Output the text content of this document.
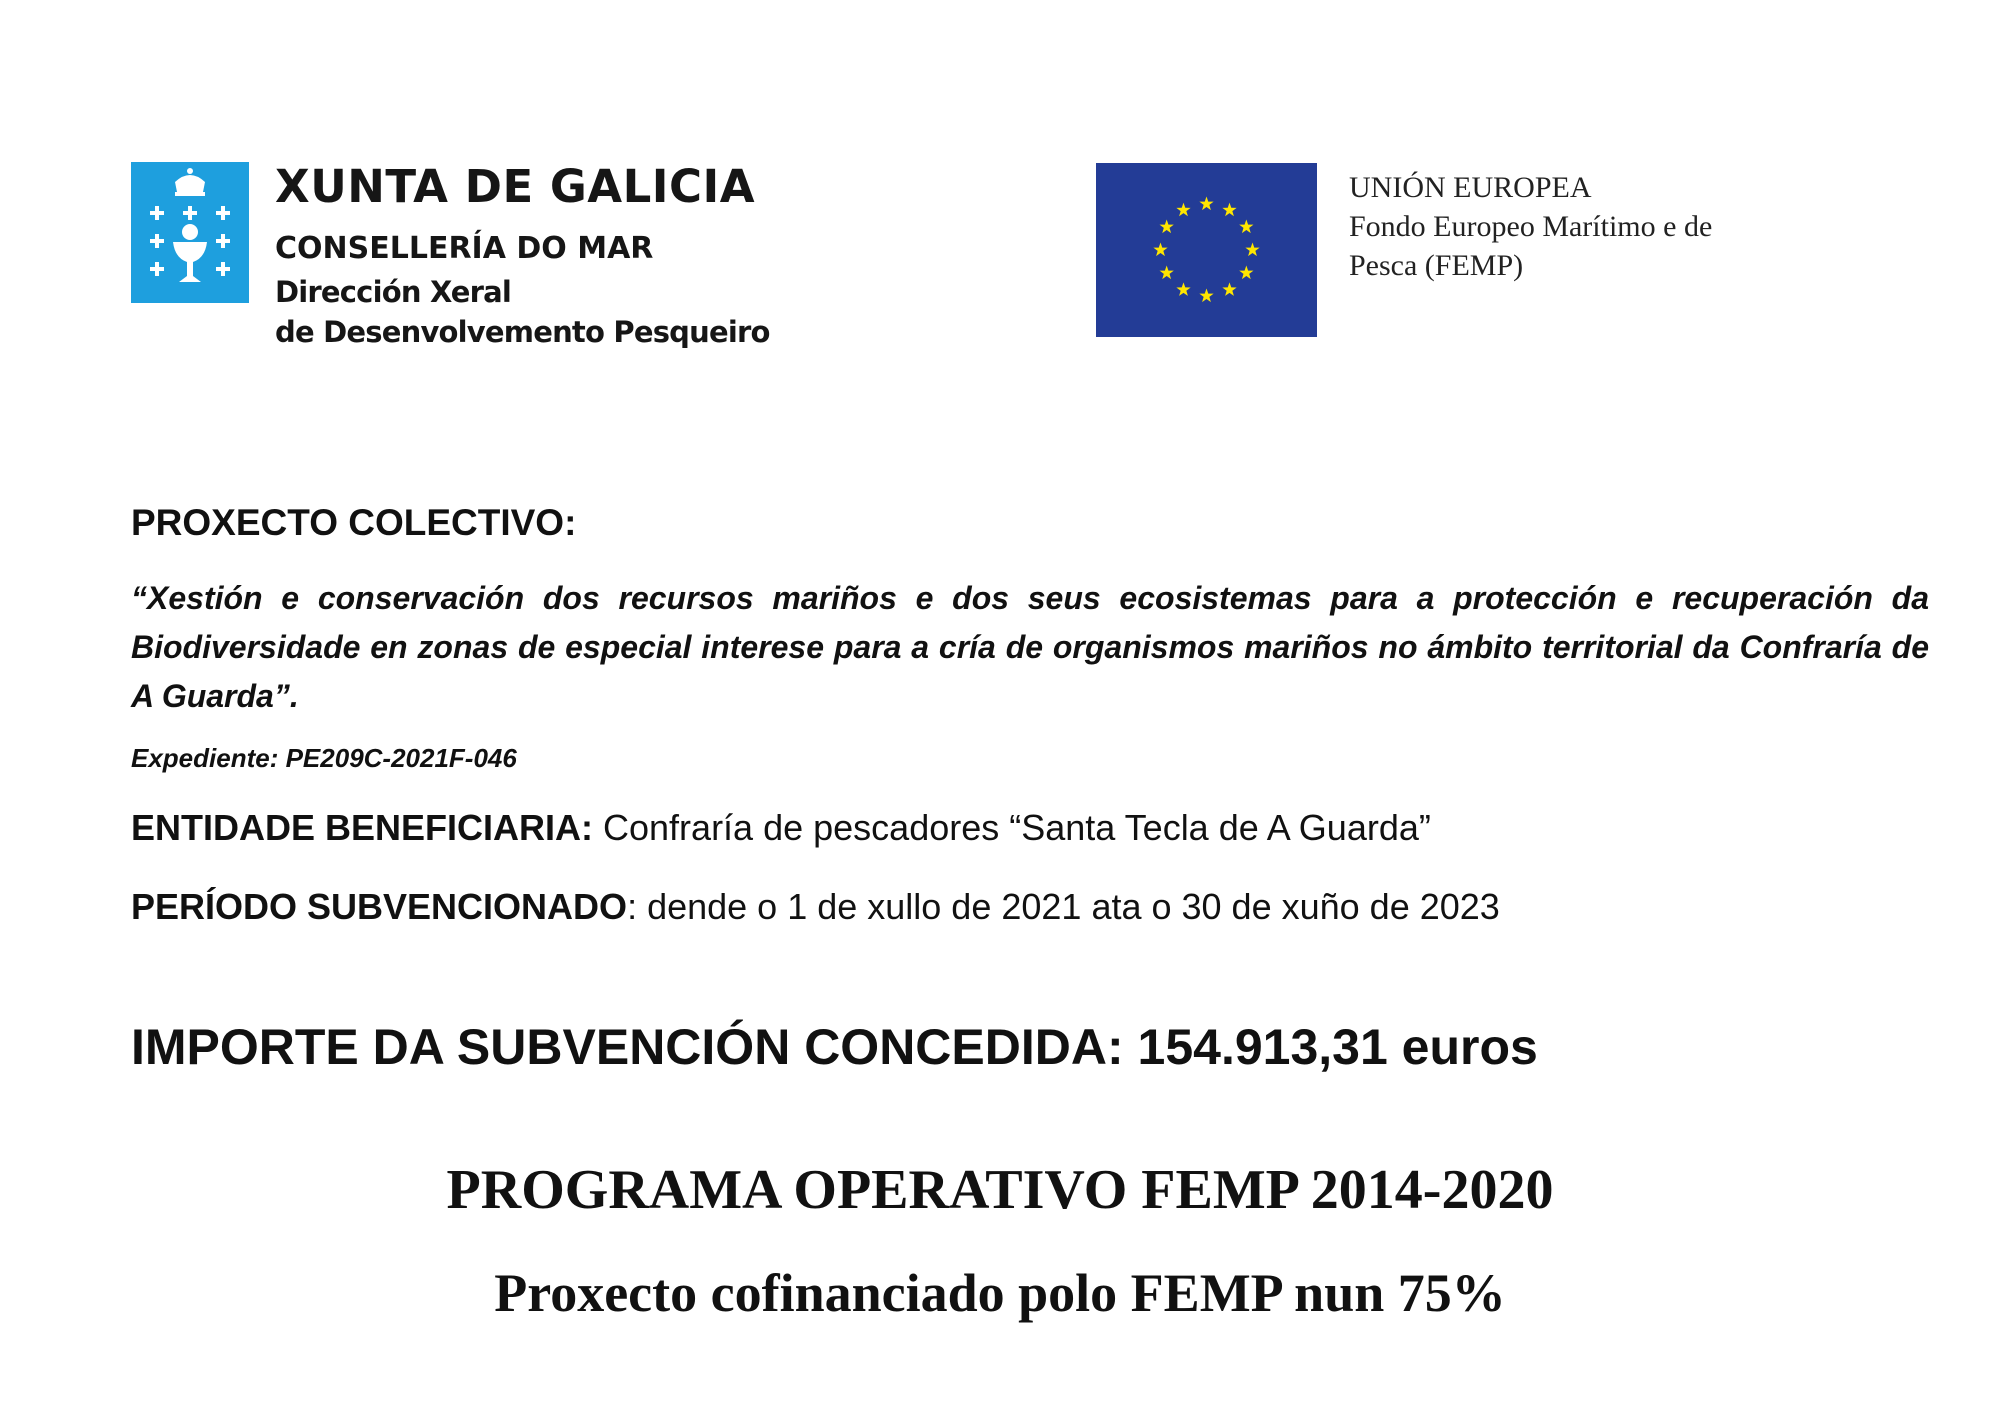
XUNTA DE GALICIA
CONSELLERÍA DO MAR
Dirección Xeral
de Desenvolvemento Pesqueiro
UNIÓN EUROPEA
Fondo Europeo Marítimo e de
Pesca (FEMP)
PROXECTO COLECTIVO:

“Xestión e conservación dos recursos mariños e dos seus ecosistemas para a protección e recuperación da Biodiversidade en zonas de especial interese para a cría de organismos mariños no ámbito territorial da Confraría de A Guarda”.

Expediente: PE209C-2021F-046
ENTIDADE BENEFICIARIA: Confraría de pescadores “Santa Tecla de A Guarda”
PERÍODO SUBVENCIONADO: dende o 1 de xullo de 2021 ata o 30 de xuño de 2023
IMPORTE DA SUBVENCIÓN CONCEDIDA: 154.913,31 euros
PROGRAMA OPERATIVO FEMP 2014-2020
Proxecto cofinanciado polo FEMP nun 75%
